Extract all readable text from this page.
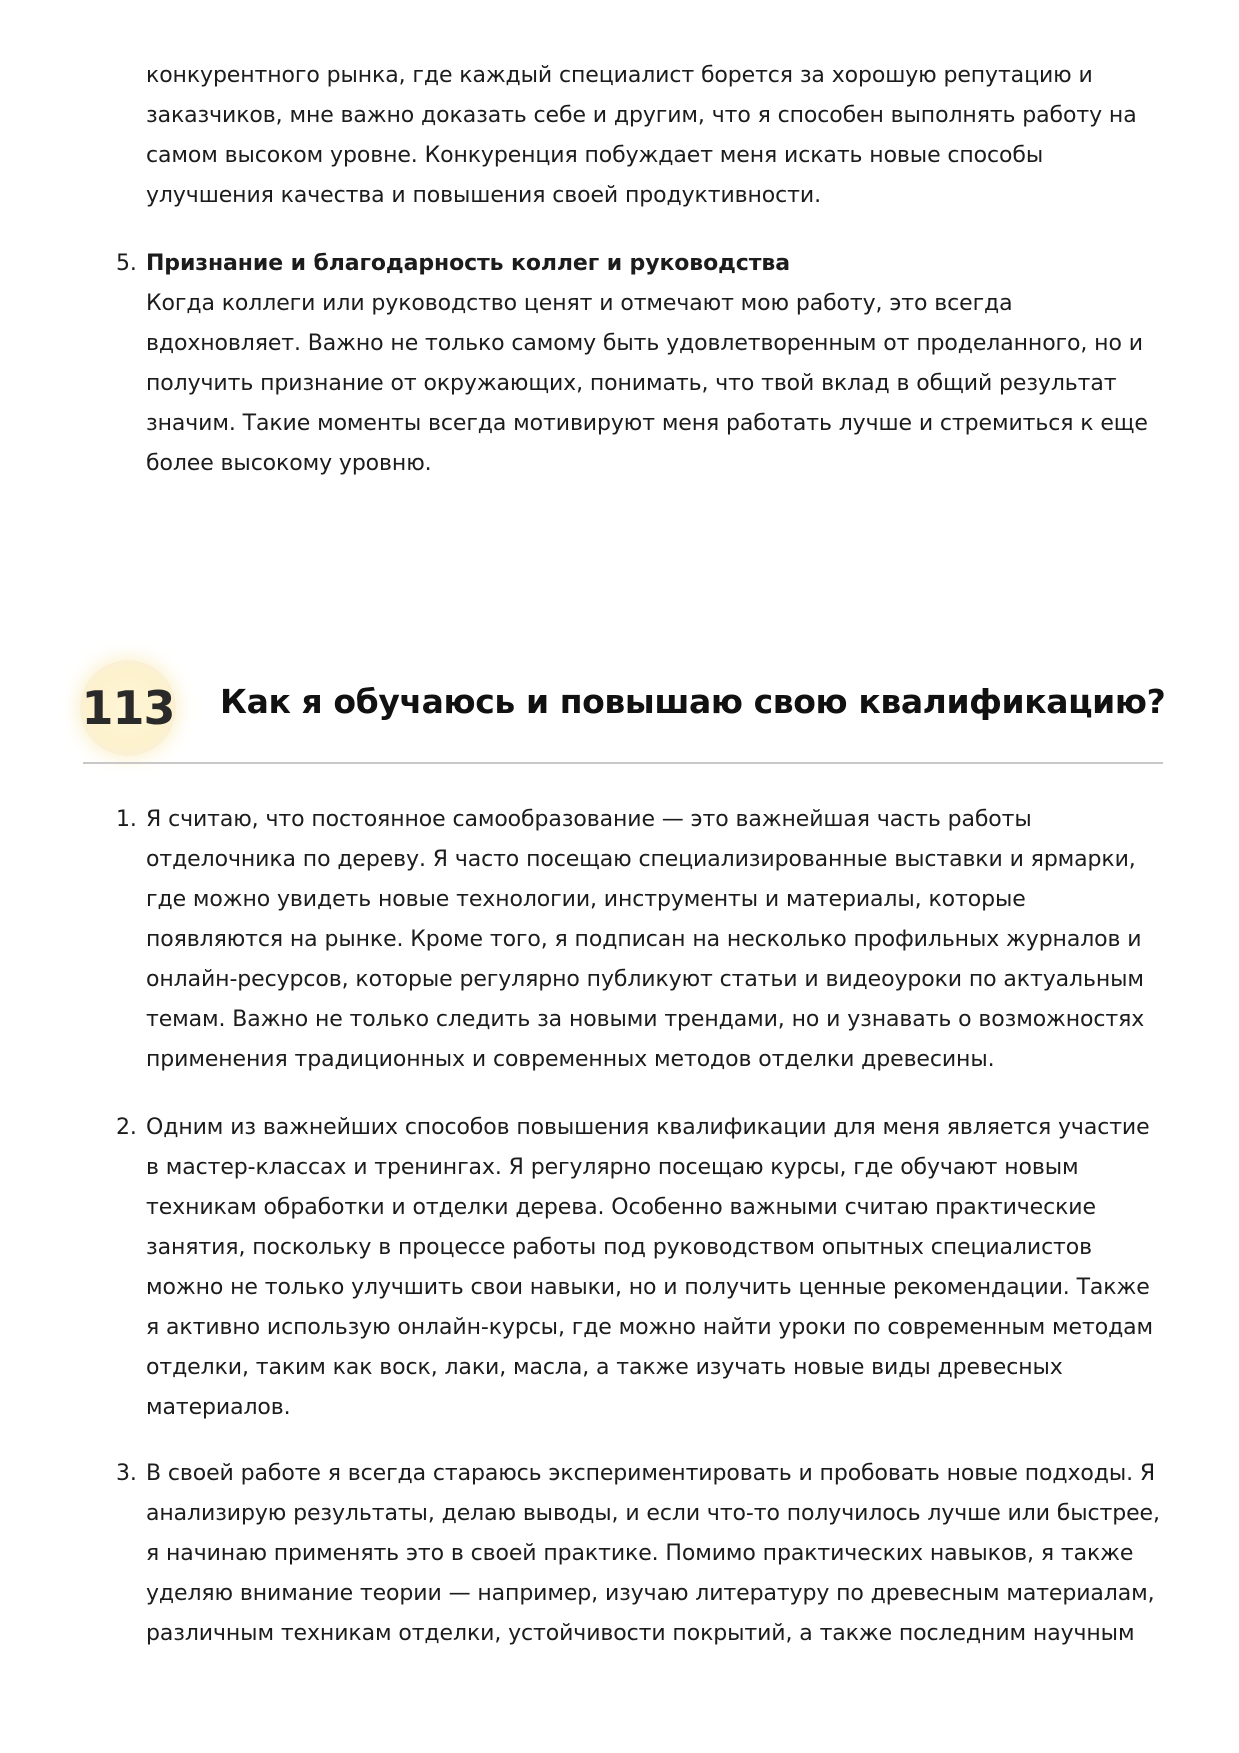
конкурентного рынка, где каждый специалист борется за хорошую репутацию и заказчиков, мне важно доказать себе и другим, что я способен выполнять работу на самом высоком уровне. Конкуренция побуждает меня искать новые способы улучшения качества и повышения своей продуктивности.

5. Признание и благодарность коллег и руководства
Когда коллеги или руководство ценят и отмечают мою работу, это всегда вдохновляет. Важно не только самому быть удовлетворенным от проделанного, но и получить признание от окружающих, понимать, что твой вклад в общий результат значим. Такие моменты всегда мотивируют меня работать лучше и стремиться к еще более высокому уровню.
113 Как я обучаюсь и повышаю свою квалификацию?
1. Я считаю, что постоянное самообразование — это важнейшая часть работы отделочника по дереву. Я часто посещаю специализированные выставки и ярмарки, где можно увидеть новые технологии, инструменты и материалы, которые появляются на рынке. Кроме того, я подписан на несколько профильных журналов и онлайн-ресурсов, которые регулярно публикуют статьи и видеоуроки по актуальным темам. Важно не только следить за новыми трендами, но и узнавать о возможностях применения традиционных и современных методов отделки древесины.
2. Одним из важнейших способов повышения квалификации для меня является участие в мастер-классах и тренингах. Я регулярно посещаю курсы, где обучают новым техникам обработки и отделки дерева. Особенно важными считаю практические занятия, поскольку в процессе работы под руководством опытных специалистов можно не только улучшить свои навыки, но и получить ценные рекомендации. Также я активно использую онлайн-курсы, где можно найти уроки по современным методам отделки, таким как воск, лаки, масла, а также изучать новые виды древесных материалов.
3. В своей работе я всегда стараюсь экспериментировать и пробовать новые подходы. Я анализирую результаты, делаю выводы, и если что-то получилось лучше или быстрее, я начинаю применять это в своей практике. Помимо практических навыков, я также уделяю внимание теории — например, изучаю литературу по древесным материалам, различным техникам отделки, устойчивости покрытий, а также последним научным
